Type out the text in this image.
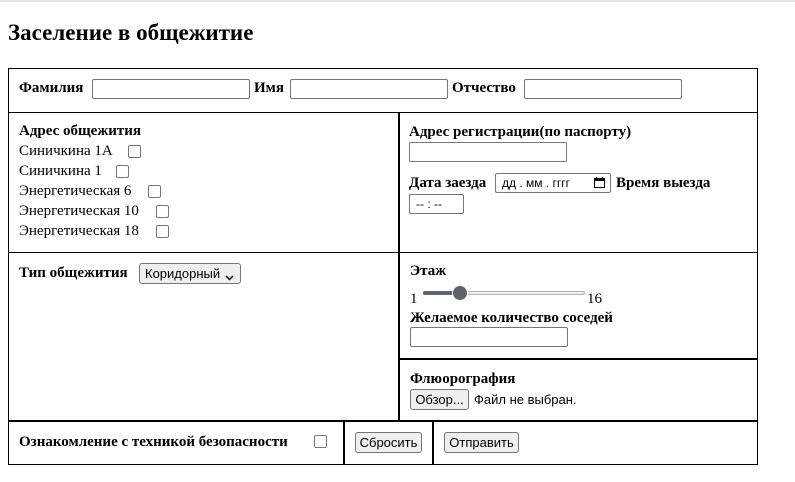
Заселение в общежитие
Фамилия	Имя	Отчество
Адрес общежития
Синичкина 1А
Синичкина 1
Энергетическая 6
Энергетическая 10
Энергетическая 18
Адрес регистрации(по паспорту)
Дата заезда дд . мм . гггг	Время выезда
-- : --
Тип общежития Коридорный	Этаж
1	16
Желаемое количество соседей
Флюорография
Обзор... Файл не выбран.
Ознакомление с техникой безопасности	Сбросить	Отправить
